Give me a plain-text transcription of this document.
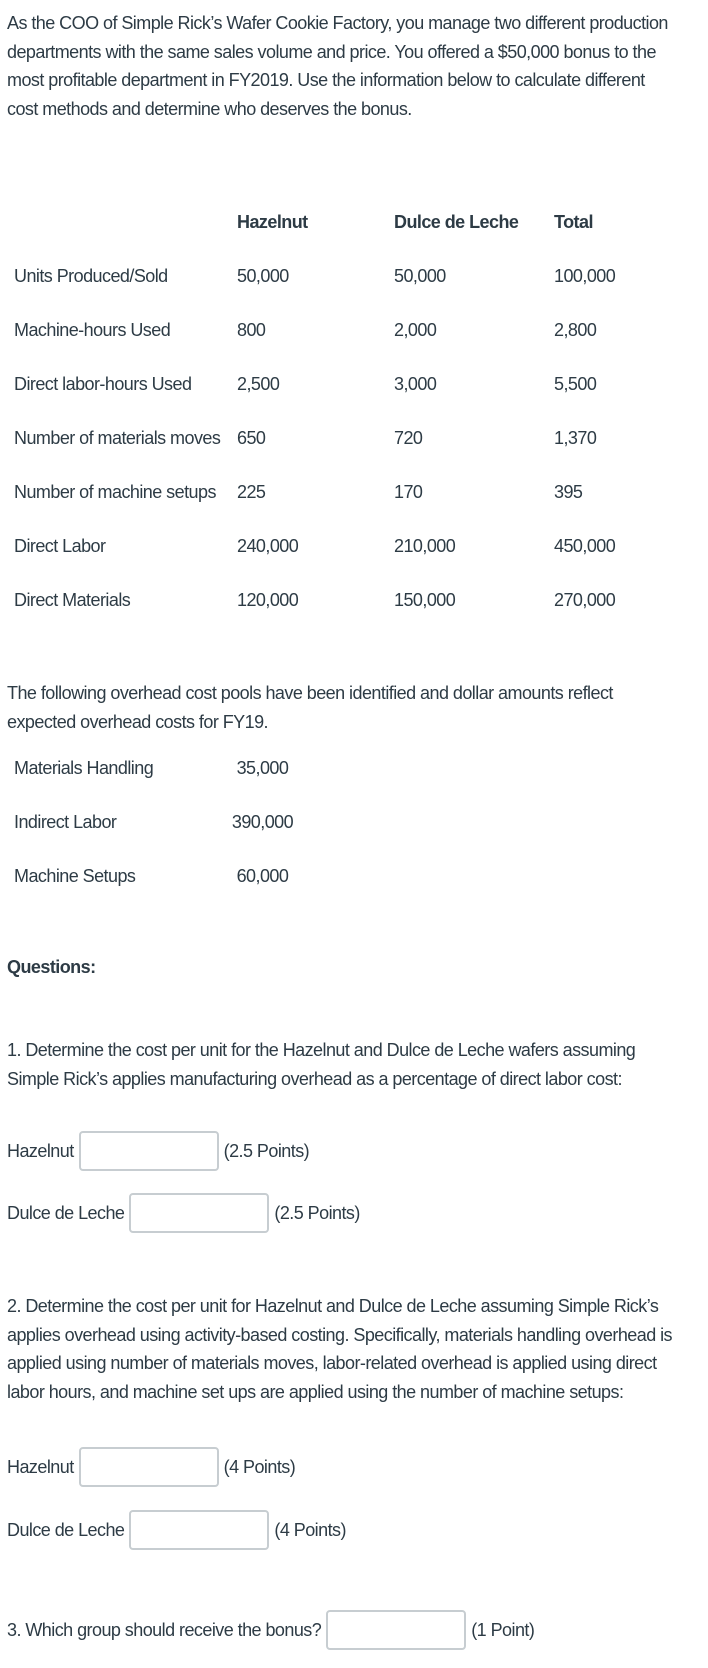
As the COO of Simple Rick’s Wafer Cookie Factory, you manage two different production
departments with the same sales volume and price. You offered a $50,000 bonus to the
most profitable department in FY2019. Use the information below to calculate different
cost methods and determine who deserves the bonus.
	Hazelnut	Dulce de Leche	Total
Units Produced/Sold	50,000	50,000	100,000
Machine-hours Used	800	2,000	2,800
Direct labor-hours Used	2,500	3,000	5,500
Number of materials moves	650	720	1,370
Number of machine setups	225	170	395
Direct Labor	240,000	210,000	450,000
Direct Materials	120,000	150,000	270,000
The following overhead cost pools have been identified and dollar amounts reflect
expected overhead costs for FY19.
Materials Handling	35,000
Indirect Labor	390,000
Machine Setups	60,000
Questions:
1. Determine the cost per unit for the Hazelnut and Dulce de Leche wafers assuming
Simple Rick’s applies manufacturing overhead as a percentage of direct labor cost:
Hazelnut	(2.5 Points)
Dulce de Leche	(2.5 Points)
2. Determine the cost per unit for Hazelnut and Dulce de Leche assuming Simple Rick’s
applies overhead using activity-based costing. Specifically, materials handling overhead is
applied using number of materials moves, labor-related overhead is applied using direct
labor hours, and machine set ups are applied using the number of machine setups:
Hazelnut	(4 Points)
Dulce de Leche	(4 Points)
3. Which group should receive the bonus?	(1 Point)
